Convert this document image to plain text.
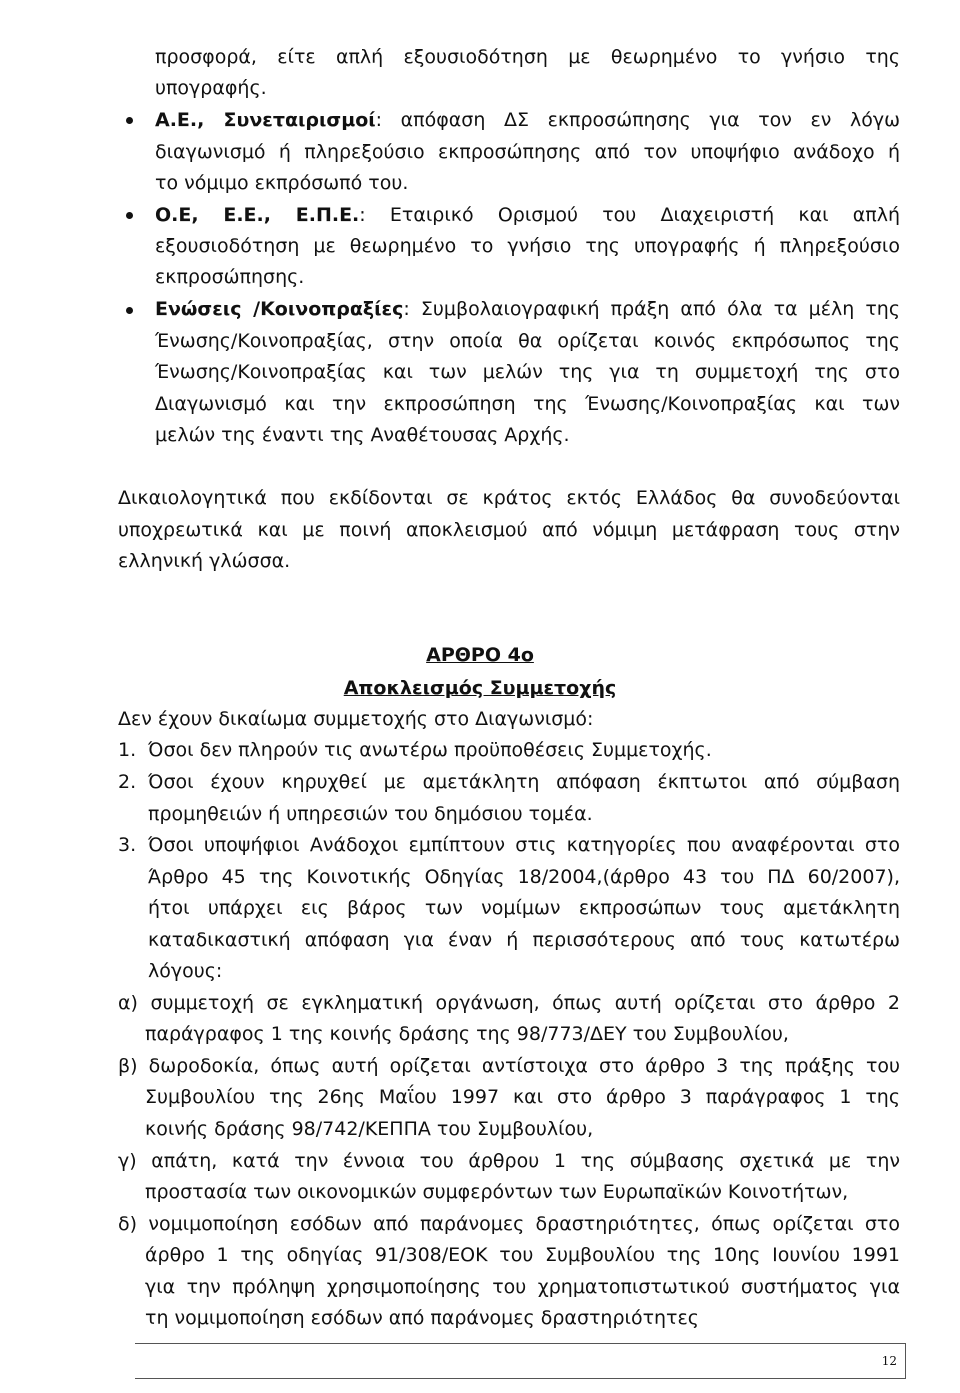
προσφορά, είτε απλή εξουσιοδότηση με θεωρημένο το γνήσιο της
υπογραφής.
Α.Ε., Συνεταιρισμοί: απόφαση ΔΣ εκπροσώπησης για τον εν λόγω
διαγωνισμό ή πληρεξούσιο εκπροσώπησης από τον υποψήφιο ανάδοχο ή
το νόμιμο εκπρόσωπό του.
Ο.Ε, Ε.Ε., Ε.Π.Ε.: Εταιρικό Ορισμού του Διαχειριστή και απλή
εξουσιοδότηση με θεωρημένο το γνήσιο της υπογραφής ή πληρεξούσιο
εκπροσώπησης.
Ενώσεις /Κοινοπραξίες: Συμβολαιογραφική πράξη από όλα τα μέλη της
Ένωσης/Κοινοπραξίας, στην οποία θα ορίζεται κοινός εκπρόσωπος της
Ένωσης/Κοινοπραξίας και των μελών της για τη συμμετοχή της στο
Διαγωνισμό και την εκπροσώπηση της Ένωσης/Κοινοπραξίας και των
μελών της έναντι της Αναθέτουσας Αρχής.
Δικαιολογητικά που εκδίδονται σε κράτος εκτός Ελλάδος θα συνοδεύονται
υποχρεωτικά και με ποινή αποκλεισμού από νόμιμη μετάφραση τους στην
ελληνική γλώσσα.
ΑΡΘΡΟ 4ο
Αποκλεισμός Συμμετοχής
Δεν έχουν δικαίωμα συμμετοχής στο Διαγωνισμό:
1. Όσοι δεν πληρούν τις ανωτέρω προϋποθέσεις Συμμετοχής.
2. Όσοι έχουν κηρυχθεί με αμετάκλητη απόφαση έκπτωτοι από σύμβαση
προμηθειών ή υπηρεσιών του δημόσιου τομέα.
3. Όσοι υποψήφιοι Ανάδοχοι εμπίπτουν στις κατηγορίες που αναφέρονται στο
Άρθρο 45 της Κοινοτικής Οδηγίας 18/2004,(άρθρο 43 του ΠΔ 60/2007),
ήτοι υπάρχει εις βάρος των νομίμων εκπροσώπων τους αμετάκλητη
καταδικαστική απόφαση για έναν ή περισσότερους από τους κατωτέρω
λόγους:
α) συμμετοχή σε εγκληματική οργάνωση, όπως αυτή ορίζεται στο άρθρο 2
παράγραφος 1 της κοινής δράσης της 98/773/ΔΕΥ του Συμβουλίου,
β) δωροδοκία, όπως αυτή ορίζεται αντίστοιχα στο άρθρο 3 της πράξης του
Συμβουλίου της 26ης Μαΐου 1997 και στο άρθρο 3 παράγραφος 1 της
κοινής δράσης 98/742/ΚΕΠΠΑ του Συμβουλίου,
γ) απάτη, κατά την έννοια του άρθρου 1 της σύμβασης σχετικά με την
προστασία των οικονομικών συμφερόντων των Ευρωπαϊκών Κοινοτήτων,
δ) νομιμοποίηση εσόδων από παράνομες δραστηριότητες, όπως ορίζεται στο
άρθρο 1 της οδηγίας 91/308/ΕΟΚ του Συμβουλίου της 10ης Ιουνίου 1991
για την πρόληψη χρησιμοποίησης του χρηματοπιστωτικού συστήματος για
τη νομιμοποίηση εσόδων από παράνομες δραστηριότητες
12
